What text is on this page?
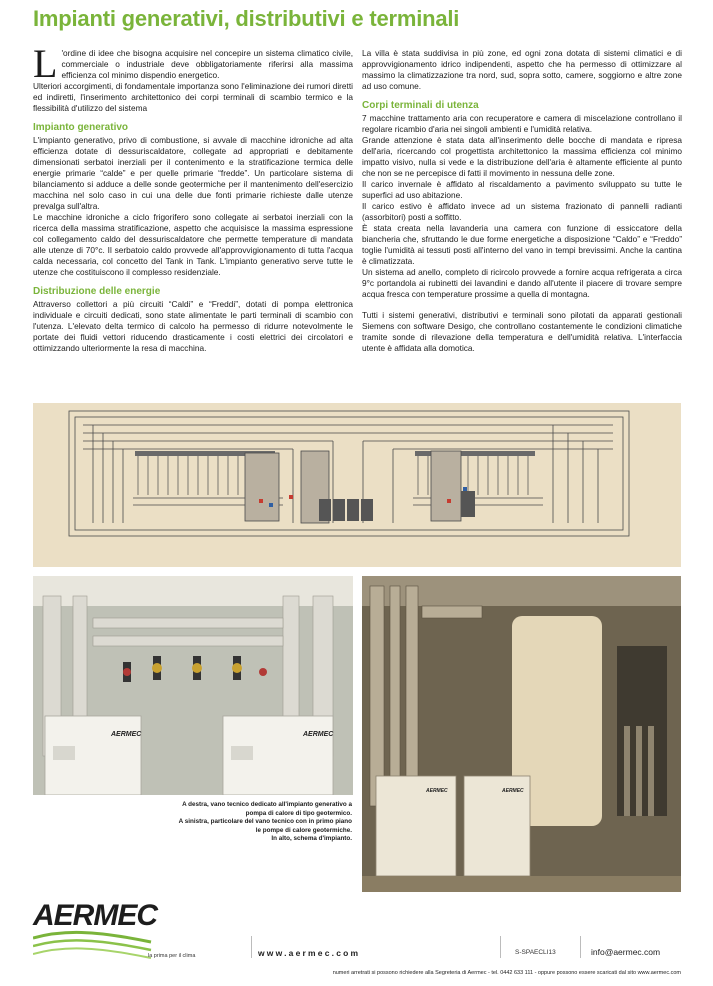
Impianti generativi, distributivi e terminali

L 'ordine di idee che bisogna acquisire nel concepire un sistema climatico civile, commerciale o industriale deve obbligatoriamente riferirsi alla massima efficienza col minimo dispendio energetico.

Ulteriori accorgimenti, di fondamentale importanza sono l'eliminazione dei rumori diretti ed indiretti, l'inserimento architettonico dei corpi terminali di scambio termico e la flessibilità d'utilizzo del sistema

Impianto generativo

L'impianto generativo, privo di combustione, si avvale di macchine idroniche ad alta efficienza dotate di dessuriscaldatore, collegate ad appropriati e debitamente dimensionati serbatoi inerziali per il contenimento e la stratificazione termica delle energie primarie “calde” e per quelle primarie “fredde”. Un particolare sistema di bilanciamento si adduce a delle sonde geotermiche per il mantenimento dell'esercizio macchina nel solo caso in cui una delle due fonti primarie richieste dalle utenze prevalga sull'altra.

Le macchine idroniche a ciclo frigorifero sono collegate ai serbatoi inerziali con la ricerca della massima stratificazione, aspetto che acquisisce la massima espressione col collegamento caldo del dessuriscaldatore che permette temperature di mandata alle utenze di 70°c. Il serbatoio caldo provvede all'approvvigionamento di tutta l'acqua calda necessaria, col concetto del Tank in Tank. L'impianto generativo serve tutte le utenze che costituiscono il complesso residenziale.

Distribuzione delle energie

Attraverso collettori a più circuiti “Caldi” e “Freddi”, dotati di pompa elettronica individuale e circuiti dedicati, sono state alimentate le parti terminali di scambio con l'utenza. L'elevato delta termico di calcolo ha permesso di ridurre notevolmente le portate dei fluidi vettori riducendo drasticamente i costi elettrici dei circolatori e ottimizzando ulteriormente la resa di macchina.

La villa è stata suddivisa in più zone, ed ogni zona dotata di sistemi climatici e di approvvigionamento idrico indipendenti, aspetto che ha permesso di ottimizzare al massimo la climatizzazione tra nord, sud, sopra sotto, camere, soggiorno e altre zone ad uso comune.

Corpi terminali di utenza

7 macchine trattamento aria con recuperatore e camera di miscelazione controllano il regolare ricambio d'aria nei singoli ambienti e l'umidità relativa.

Grande attenzione è stata data all'inserimento delle bocche di mandata e ripresa dell'aria, ricercando col progettista architettonico la massima efficienza col minimo impatto visivo, nulla si vede e la distribuzione dell'aria è altamente efficiente al punto che non se ne percepisce di fatti il movimento in nessuna delle zone.

Il carico invernale è affidato al riscaldamento a pavimento sviluppato su tutte le superfici ad uso abitazione.

Il carico estivo è affidato invece ad un sistema frazionato di pannelli radianti (assorbitori) posti a soffitto.

È stata creata nella lavanderia una camera con funzione di essiccatore della biancheria che, sfruttando le due forme energetiche a disposizione “Caldo” e “Freddo” toglie l'umidità ai tessuti posti all'interno del vano in tempi brevissimi. Anche la cantina è climatizzata.

Un sistema ad anello, completo di ricircolo provvede a fornire acqua refrigerata a circa 9°c portandola ai rubinetti dei lavandini e dando all'utente il piacere di trovare sempre acqua fresca con temperature prossime a quella di montagna.

Tutti i sistemi generativi, distributivi e terminali sono pilotati da apparati gestionali Siemens con software Desigo, che controllano costantemente le condizioni climatiche tramite sonde di rilevazione della temperatura e dell'umidità relativa. L'interfaccia utente è affidata alla domotica.

AERMEC	AERMEC
AERMEC	AERMEC
A destra, vano tecnico dedicato all'impianto generativo a
pompa di calore di tipo geotermico.
A sinistra, particolare del vano tecnico con in primo piano
le pompe di calore geotermiche.
In alto, schema d'impianto.
AERMEC
la prima per il clima	www.aermec.com	S-SPAECLI13	info@aermec.com
numeri arretrati si possono richiedere alla Segreteria di Aermec - tel. 0442 633 111 - oppure possono essere scaricati dal sito www.aermec.com
